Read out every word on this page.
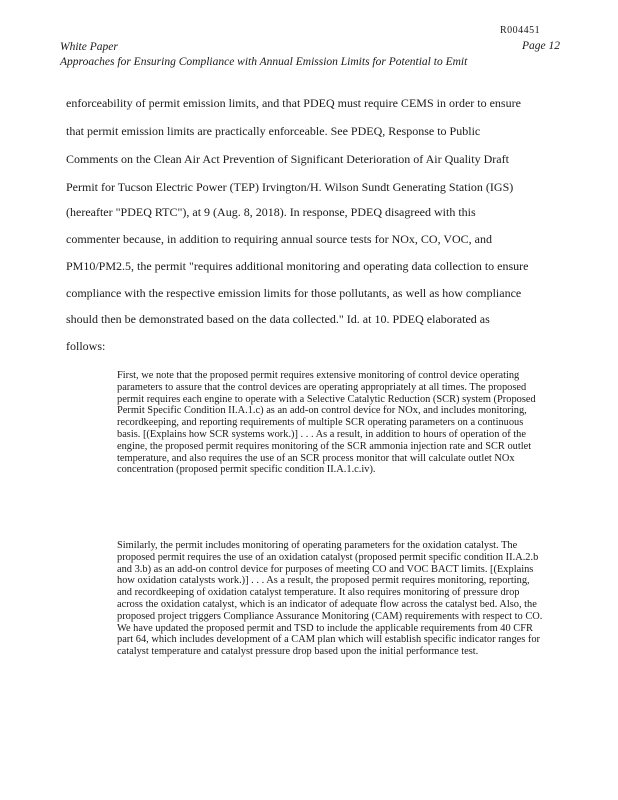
R004451
White Paper
Approaches for Ensuring Compliance with Annual Emission Limits for Potential to Emit
Page 12
enforceability of permit emission limits, and that PDEQ must require CEMS in order to ensure
that permit emission limits are practically enforceable. See PDEQ, Response to Public
Comments on the Clean Air Act Prevention of Significant Deterioration of Air Quality Draft
Permit for Tucson Electric Power (TEP) Irvington/H. Wilson Sundt Generating Station (IGS)
(hereafter "PDEQ RTC"), at 9 (Aug. 8, 2018). In response, PDEQ disagreed with this
commenter because, in addition to requiring annual source tests for NOx, CO, VOC, and
PM10/PM2.5, the permit "requires additional monitoring and operating data collection to ensure
compliance with the respective emission limits for those pollutants, as well as how compliance
should then be demonstrated based on the data collected." Id. at 10. PDEQ elaborated as
follows:

First, we note that the proposed permit requires extensive monitoring of control device operating parameters to assure that the control devices are operating appropriately at all times. The proposed permit requires each engine to operate with a Selective Catalytic Reduction (SCR) system (Proposed Permit Specific Condition II.A.1.c) as an add-on control device for NOx, and includes monitoring, recordkeeping, and reporting requirements of multiple SCR operating parameters on a continuous basis. [(Explains how SCR systems work.)] . . . As a result, in addition to hours of operation of the engine, the proposed permit requires monitoring of the SCR ammonia injection rate and SCR outlet temperature, and also requires the use of an SCR process monitor that will calculate outlet NOx concentration (proposed permit specific condition II.A.1.c.iv).

Similarly, the permit includes monitoring of operating parameters for the oxidation catalyst. The proposed permit requires the use of an oxidation catalyst (proposed permit specific condition II.A.2.b and 3.b) as an add-on control device for purposes of meeting CO and VOC BACT limits. [(Explains how oxidation catalysts work.)] . . . As a result, the proposed permit requires monitoring, reporting, and recordkeeping of oxidation catalyst temperature. It also requires monitoring of pressure drop across the oxidation catalyst, which is an indicator of adequate flow across the catalyst bed. Also, the proposed project triggers Compliance Assurance Monitoring (CAM) requirements with respect to CO. We have updated the proposed permit and TSD to include the applicable requirements from 40 CFR part 64, which includes development of a CAM plan which will establish specific indicator ranges for catalyst temperature and catalyst pressure drop based upon the initial performance test.
